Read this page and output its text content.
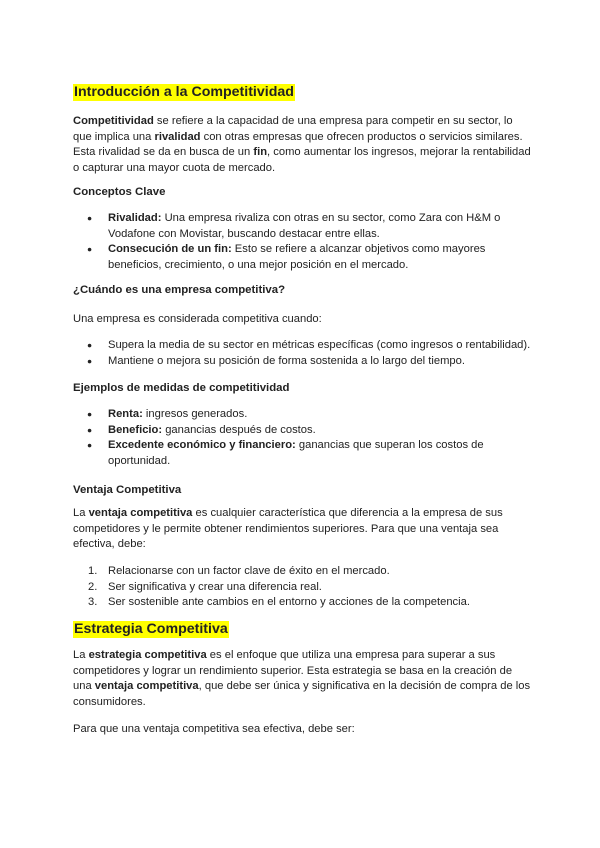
Introducción a la Competitividad
Competitividad se refiere a la capacidad de una empresa para competir en su sector, lo que implica una rivalidad con otras empresas que ofrecen productos o servicios similares. Esta rivalidad se da en busca de un fin, como aumentar los ingresos, mejorar la rentabilidad o capturar una mayor cuota de mercado.
Conceptos Clave
● Rivalidad: Una empresa rivaliza con otras en su sector, como Zara con H&M o Vodafone con Movistar, buscando destacar entre ellas.
● Consecución de un fin: Esto se refiere a alcanzar objetivos como mayores beneficios, crecimiento, o una mejor posición en el mercado.
¿Cuándo es una empresa competitiva?
Una empresa es considerada competitiva cuando:
● Supera la media de su sector en métricas específicas (como ingresos o rentabilidad).
● Mantiene o mejora su posición de forma sostenida a lo largo del tiempo.
Ejemplos de medidas de competitividad
● Renta: ingresos generados.
● Beneficio: ganancias después de costos.
● Excedente económico y financiero: ganancias que superan los costos de oportunidad.
Ventaja Competitiva
La ventaja competitiva es cualquier característica que diferencia a la empresa de sus competidores y le permite obtener rendimientos superiores. Para que una ventaja sea efectiva, debe:
1. Relacionarse con un factor clave de éxito en el mercado.
2. Ser significativa y crear una diferencia real.
3. Ser sostenible ante cambios en el entorno y acciones de la competencia.
Estrategia Competitiva
La estrategia competitiva es el enfoque que utiliza una empresa para superar a sus competidores y lograr un rendimiento superior. Esta estrategia se basa en la creación de una ventaja competitiva, que debe ser única y significativa en la decisión de compra de los consumidores.
Para que una ventaja competitiva sea efectiva, debe ser:
